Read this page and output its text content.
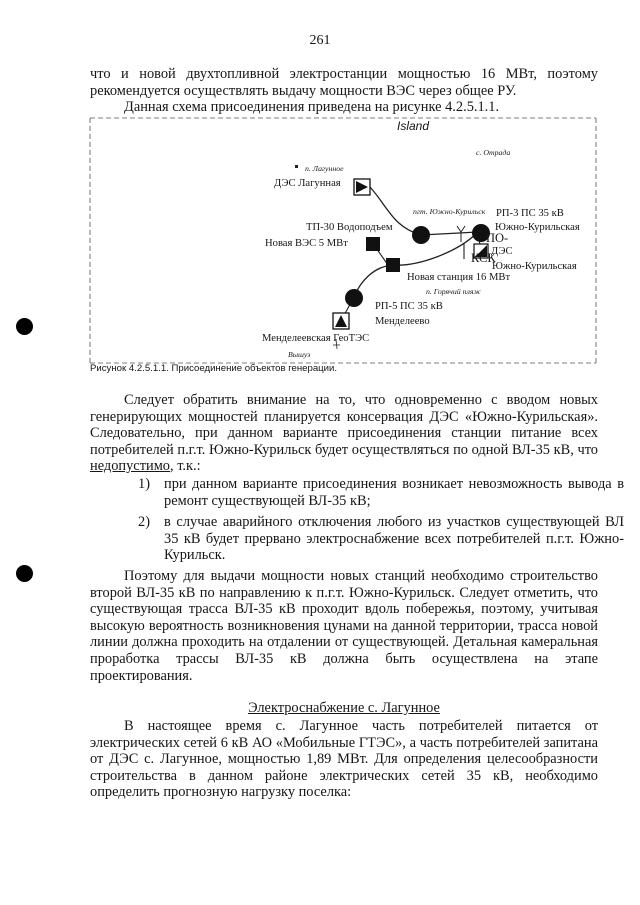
261

что и новой двухтопливной электростанции мощностью 16 МВт, поэтому рекомендуется осуществлять выдачу мощности ВЭС через общее РУ.

Данная схема присоединения приведена на рисунке 4.2.5.1.1.

Island
с. Отрада
п. Лагунное
ДЭС Лагунная
пгт. Южно-Курильск РП-3 ПС 35 кВ
ТП-30 Водоподъем	Южно-Курильская
ПО-
Новая ВЭС 5 МВт
ДЭС
КСК
Южно-Курильская
Новая станция 16 МВт
п. Горячий пляж
РП-5 ПС 35 кВ
Менделеево
Менделеевская ГеоТЭС
Вышуз
Рисунок 4.2.5.1.1. Присоединение объектов генерации.

Следует обратить внимание на то, что одновременно с вводом новых генерирующих мощностей планируется консервация ДЭС «Южно-Курильская». Следовательно, при данном варианте присоединения станции питание всех потребителей п.г.т. Южно-Курильск будет осуществляться по одной ВЛ-35 кВ, что недопустимо, т.к.:

1) при данном варианте присоединения возникает невозможность вывода в ремонт существующей ВЛ-35 кВ;

2) в случае аварийного отключения любого из участков существующей ВЛ 35 кВ будет прервано электроснабжение всех потребителей п.г.т. Южно-Курильск.

Поэтому для выдачи мощности новых станций необходимо строительство второй ВЛ-35 кВ по направлению к п.г.т. Южно-Курильск. Следует отметить, что существующая трасса ВЛ-35 кВ проходит вдоль побережья, поэтому, учитывая высокую вероятность возникновения цунами на данной территории, трасса новой линии должна проходить на отдалении от существующей. Детальная камеральная проработка трассы ВЛ-35 кВ должна быть осуществлена на этапе проектирования.

Электроснабжение с. Лагунное

В настоящее время с. Лагунное часть потребителей питается от электрических сетей 6 кВ АО «Мобильные ГТЭС», а часть потребителей запитана от ДЭС с. Лагунное, мощностью 1,89 МВт. Для определения целесообразности строительства в данном районе электрических сетей 35 кВ, необходимо определить прогнозную нагрузку поселка:
